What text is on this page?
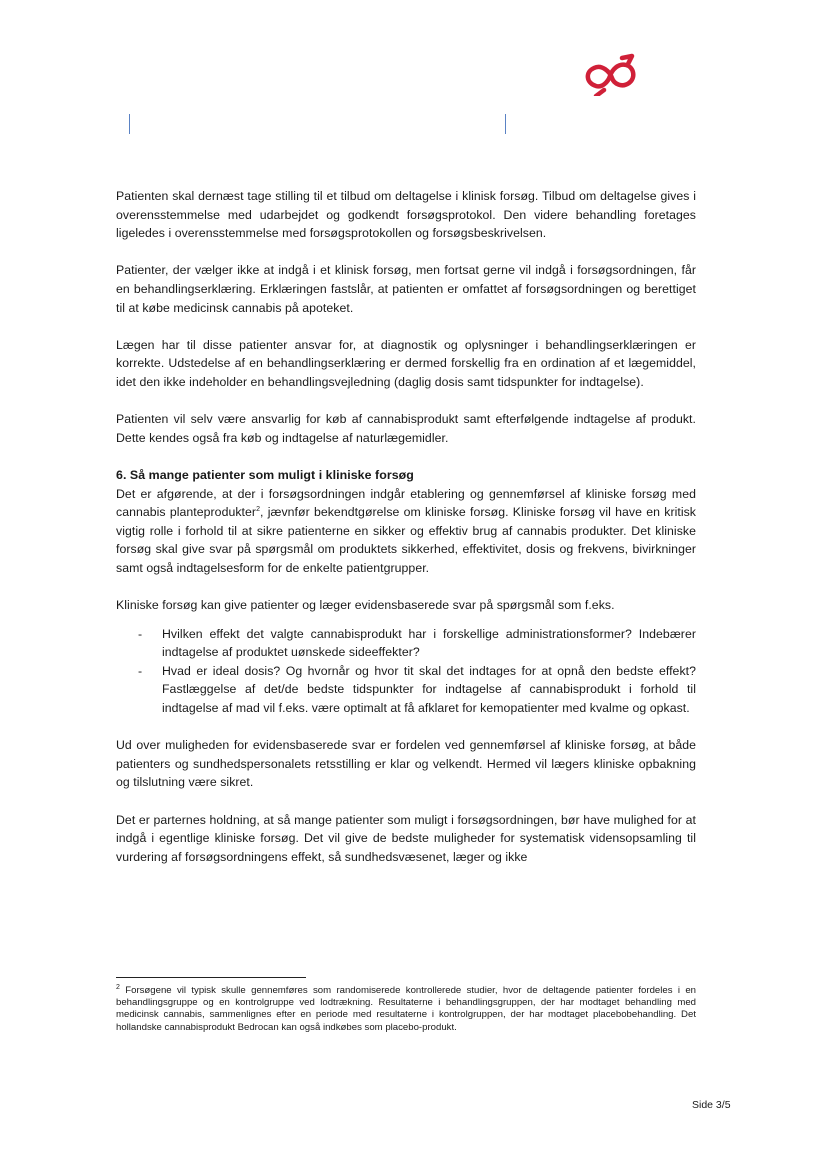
Patienten skal dernæst tage stilling til et tilbud om deltagelse i klinisk forsøg. Tilbud om deltagelse gives i overensstemmelse med udarbejdet og godkendt forsøgsprotokol. Den videre behandling foretages ligeledes i overensstemmelse med forsøgsprotokollen og forsøgsbeskrivelsen.

Patienter, der vælger ikke at indgå i et klinisk forsøg, men fortsat gerne vil indgå i forsøgsordningen, får en behandlingserklæring. Erklæringen fastslår, at patienten er omfattet af forsøgsordningen og berettiget til at købe medicinsk cannabis på apoteket.

Lægen har til disse patienter ansvar for, at diagnostik og oplysninger i behandlingserklæringen er korrekte. Udstedelse af en behandlingserklæring er dermed forskellig fra en ordination af et lægemiddel, idet den ikke indeholder en behandlingsvejledning (daglig dosis samt tidspunkter for indtagelse).

Patienten vil selv være ansvarlig for køb af cannabisprodukt samt efterfølgende indtagelse af produkt. Dette kendes også fra køb og indtagelse af naturlægemidler.

6. Så mange patienter som muligt i kliniske forsøg

Det er afgørende, at der i forsøgsordningen indgår etablering og gennemførsel af kliniske forsøg med cannabis planteprodukter$^2$, jævnfør bekendtgørelse om kliniske forsøg. Kliniske forsøg vil have en kritisk vigtig rolle i forhold til at sikre patienterne en sikker og effektiv brug af cannabis produkter. Det kliniske forsøg skal give svar på spørgsmål om produktets sikkerhed, effektivitet, dosis og frekvens, bivirkninger samt også indtagelsesform for de enkelte patientgrupper.

Kliniske forsøg kan give patienter og læger evidensbaserede svar på spørgsmål som f.eks.

- Hvilken effekt det valgte cannabisprodukt har i forskellige administrationsformer? Indebærer indtagelse af produktet uønskede sideeffekter?
- Hvad er ideal dosis? Og hvornår og hvor tit skal det indtages for at opnå den bedste effekt? Fastlæggelse af det/de bedste tidspunkter for indtagelse af cannabisprodukt i forhold til indtagelse af mad vil f.eks. være optimalt at få afklaret for kemopatienter med kvalme og opkast.

Ud over muligheden for evidensbaserede svar er fordelen ved gennemførsel af kliniske forsøg, at både patienters og sundhedspersonalets retsstilling er klar og velkendt. Hermed vil lægers kliniske opbakning og tilslutning være sikret.

Det er parternes holdning, at så mange patienter som muligt i forsøgsordningen, bør have mulighed for at indgå i egentlige kliniske forsøg. Det vil give de bedste muligheder for systematisk vidensopsamling til vurdering af forsøgsordningens effekt, så sundhedsvæsenet, læger og ikke

$^2$ Forsøgene vil typisk skulle gennemføres som randomiserede kontrollerede studier, hvor de deltagende patienter fordeles i en behandlingsgruppe og en kontrolgruppe ved lodtrækning. Resultaterne i behandlingsgruppen, der har modtaget behandling med medicinsk cannabis, sammenlignes efter en periode med resultaterne i kontrolgruppen, der har modtaget placebobehandling. Det hollandske cannabisprodukt Bedrocan kan også indkøbes som placebo-produkt.
Side 3/5
